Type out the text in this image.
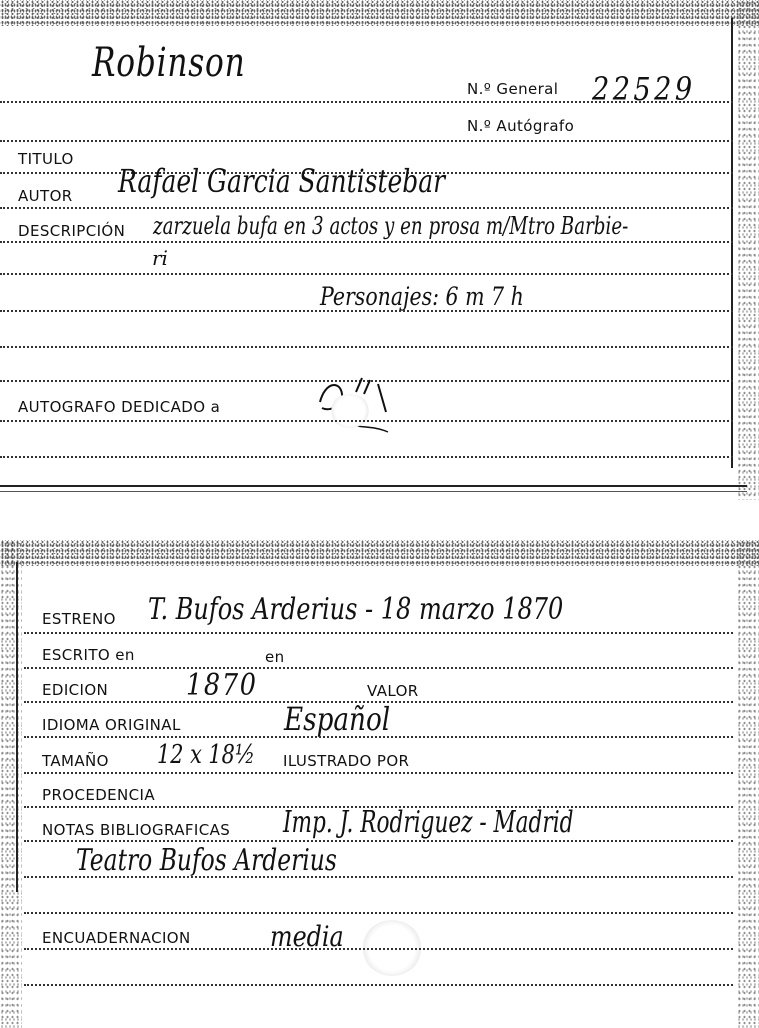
Robinson
N.º General 22529
N.º Autógrafo
TITULO
AUTOR Rafael Garcia Santistebar
DESCRIPCIÓN zarzuela bufa en 3 actos y en prosa m/Mtro Barbie-
ri
Personajes: 6 m 7 h
AUTOGRAFO DEDICADO a
ESTRENO T. Bufos Arderius - 18 marzo 1870
ESCRITO en	en
EDICION	1870	VALOR
IDIOMA ORIGINAL	Español
TAMAÑO 12 x 18½ ILUSTRADO POR
PROCEDENCIA
NOTAS BIBLIOGRAFICAS Imp. J. Rodriguez - Madrid
Teatro Bufos Arderius
ENCUADERNACION	media
